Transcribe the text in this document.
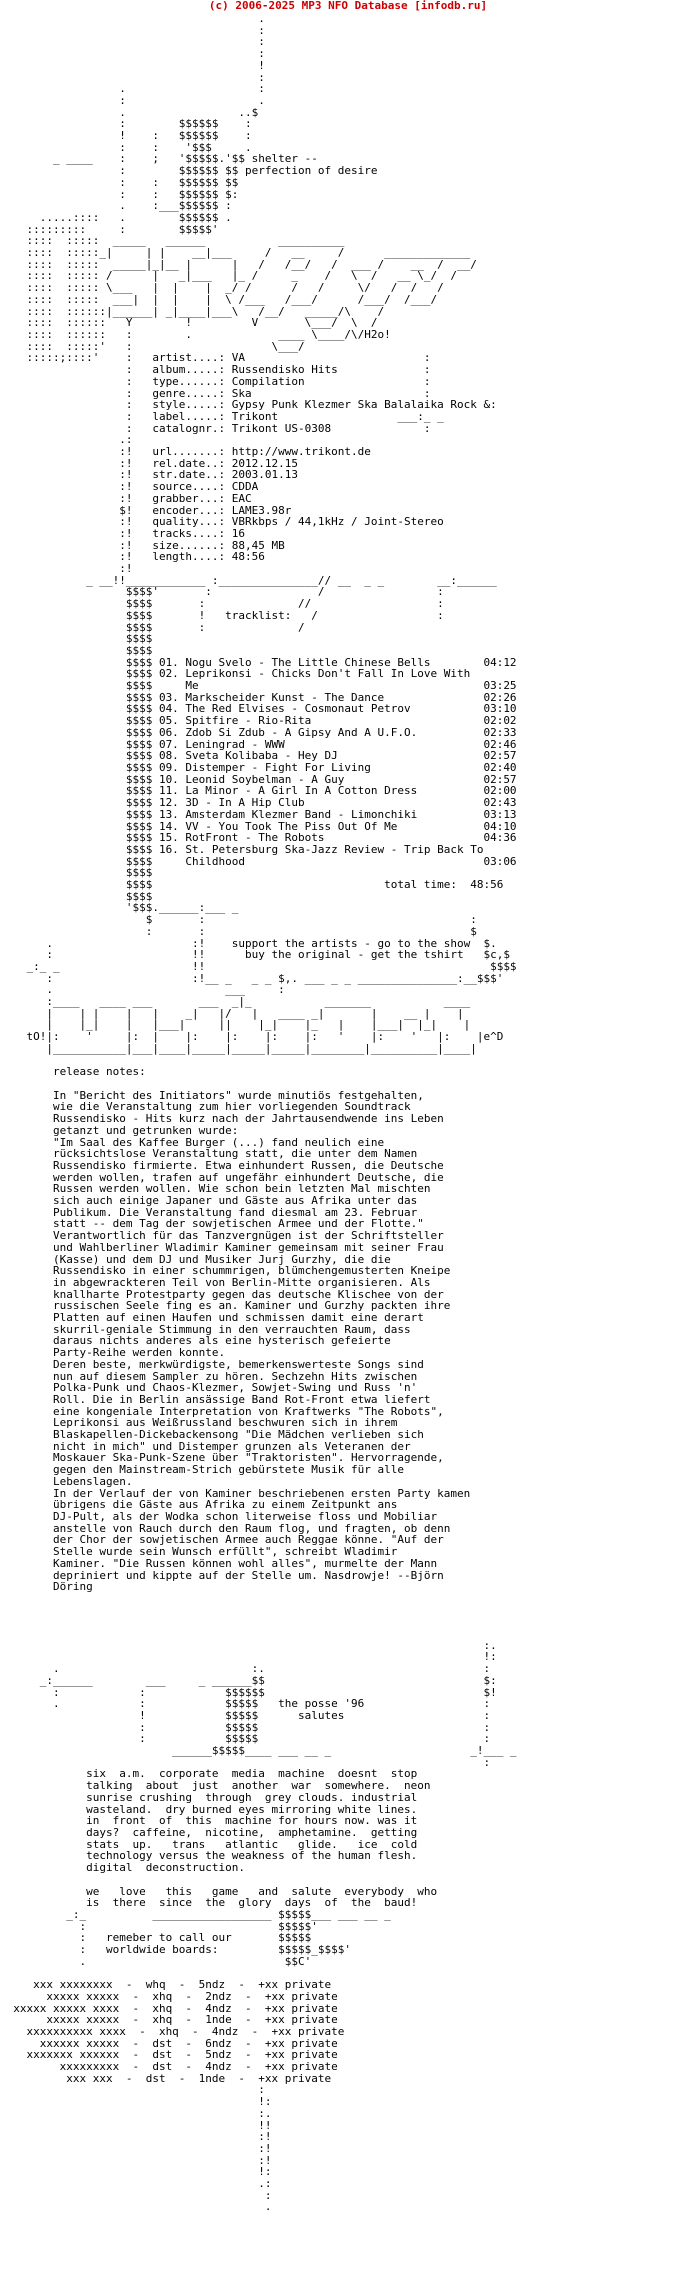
(c) 2006-2025 MP3 NFO Database [infodb.ru]
.
:
:
:
!
:
.                    :
:                    .
.                 ..$
:        $$$$$$    :
!    :   $$$$$$    :
:    :    '$$$     .
_ ____    :    ;   '$$$$$.'$$ shelter --
:        $$$$$$ $$ perfection of desire
:    :   $$$$$$ $$
:    :   $$$$$$ $:
.    :___$$$$$$ :
.....::::   .        $$$$$$ .
:::::::::     :        $$$$$'
::::  :::::  _____   ______           __________
::::  :::::_|     | |    __|___     /   __     /      _____________
::::  :::::  _____|_|__ |      |   /   /__/   /  ___ /    __  /  __/
::::  ::::: /      |   _|___   |_ /     _    /   \  /   __ \_/  /
::::  ::::: \___   |  |    |  _/ /      /   /     \/   /  /   /
::::  :::::  ___|  |  |    |  \ /___   /___/      /___/  /___/
::::  ::::::|______| _|____|___\   /__/   _____/\    /
::::  ::::::   Y        !         V       \___/  \  /
::::  ::::::   :        .             ____ \____/\/H2o!
::::  :::::'   :                     \___/
:::::;::::'    :   artist....: VA                           :
:   album.....: Russendisko Hits             :
:   type......: Compilation                  :
:   genre.....: Ska                          :
:   style.....: Gypsy Punk Klezmer Ska Balalaika Rock &:
:   label.....: Trikont                  ___:_ _
:   catalognr.: Trikont US-0308              :
.:
:!   url.......: http://www.trikont.de
:!   rel.date..: 2012.12.15
:!   str.date..: 2003.01.13
:!   source....: CDDA
:!   grabber...: EAC
$!   encoder...: LAME3.98r
:!   quality...: VBRkbps / 44,1kHz / Joint-Stereo
:!   tracks....: 16
:!   size......: 88,45 MB
:!   length....: 48:56
:!
_ __!!____________ :_______________// __  _ _        __:______
$$$$'       :                /                 :
$$$$       :              //                   :
$$$$       !   tracklist:   /                  :
$$$$       :              /
$$$$
$$$$
$$$$ 01. Nogu Svelo - The Little Chinese Bells        04:12
$$$$ 02. Leprikonsi - Chicks Don't Fall In Love With
$$$$     Me                                           03:25
$$$$ 03. Markscheider Kunst - The Dance               02:26
$$$$ 04. The Red Elvises - Cosmonaut Petrov           03:10
$$$$ 05. Spitfire - Rio-Rita                          02:02
$$$$ 06. Zdob Si Zdub - A Gipsy And A U.F.O.          02:33
$$$$ 07. Leningrad - WWW                              02:46
$$$$ 08. Sveta Kolibaba - Hey DJ                      02:57
$$$$ 09. Distemper - Fight For Living                 02:40
$$$$ 10. Leonid Soybelman - A Guy                     02:57
$$$$ 11. La Minor - A Girl In A Cotton Dress          02:00
$$$$ 12. 3D - In A Hip Club                           02:43
$$$$ 13. Amsterdam Klezmer Band - Limonchiki          03:13
$$$$ 14. VV - You Took The Piss Out Of Me             04:10
$$$$ 15. RotFront - The Robots                        04:36
$$$$ 16. St. Petersburg Ska-Jazz Review - Trip Back To
$$$$     Childhood                                    03:06
$$$$
$$$$                                   total time:  48:56
$$$$
'$$$.______:___ _
$       :                                        :
:       :                                        $
.                     :!    support the artists - go to the show  $.
:                     !!      buy the original - get the tshirt   $c,$
_:_ _                    !!                                           $$$$
:                     :!__ _   _ _ $,. ___ _ _ _______________:__$$$'
.                          ___     :
:____   ____ ___       ___  _|_           _______           ____
|    | |    |   |    _|   |/   |   ____ _|       |    __ |    |
|    |_|    |   |___|     ||    |_|    |_   |    |___|  |_|    |
tO!|:    '     |:  |    |:    |:    |:    |:   '    |:    '   |:    |e^D
|___________|___|____|_____|_____|_____|________|__________|____|

release notes:

In "Bericht des Initiators" wurde minutiös festgehalten,
wie die Veranstaltung zum hier vorliegenden Soundtrack
Russendisko - Hits kurz nach der Jahrtausendwende ins Leben
getanzt und getrunken wurde:
"Im Saal des Kaffee Burger (...) fand neulich eine
rücksichtslose Veranstaltung statt, die unter dem Namen
Russendisko firmierte. Etwa einhundert Russen, die Deutsche
werden wollen, trafen auf ungefähr einhundert Deutsche, die
Russen werden wollen. Wie schon bein letzten Mal mischten
sich auch einige Japaner und Gäste aus Afrika unter das
Publikum. Die Veranstaltung fand diesmal am 23. Februar
statt -- dem Tag der sowjetischen Armee und der Flotte."
Verantwortlich für das Tanzvergnügen ist der Schriftsteller
und Wahlberliner Wladimir Kaminer gemeinsam mit seiner Frau
(Kasse) und dem DJ und Musiker Jurj Gurzhy, die die
Russendisko in einer schummrigen, blümchengemusterten Kneipe
in abgewrackteren Teil von Berlin-Mitte organisieren. Als
knallharte Protestparty gegen das deutsche Klischee von der
russischen Seele fing es an. Kaminer und Gurzhy packten ihre
Platten auf einen Haufen und schmissen damit eine derart
skurril-geniale Stimmung in den verrauchten Raum, dass
daraus nichts anderes als eine hysterisch gefeierte
Party-Reihe werden konnte.
Deren beste, merkwürdigste, bemerkenswerteste Songs sind
nun auf diesem Sampler zu hören. Sechzehn Hits zwischen
Polka-Punk und Chaos-Klezmer, Sowjet-Swing und Russ 'n'
Roll. Die in Berlin ansässige Band Rot-Front etwa liefert
eine kongeniale Interpretation von Kraftwerks "The Robots",
Leprikonsi aus Weißrussland beschwuren sich in ihrem
Blaskapellen-Dickebackensong "Die Mädchen verlieben sich
nicht in mich" und Distemper grunzen als Veteranen der
Moskauer Ska-Punk-Szene über "Traktoristen". Hervorragende,
gegen den Mainstream-Strich gebürstete Musik für alle
Lebenslagen.
In der Verlauf der von Kaminer beschriebenen ersten Party kamen
übrigens die Gäste aus Afrika zu einem Zeitpunkt ans
DJ-Pult, als der Wodka schon literweise floss und Mobiliar
anstelle von Rauch durch den Raum flog, und fragten, ob denn
der Chor der sowjetischen Armee auch Reggae könne. "Auf der
Stelle wurde sein Wunsch erfüllt", schreibt Wladimir
Kaminer. "Die Russen können wohl alles", murmelte der Mann
depriniert und kippte auf der Stelle um. Nasdrowje! --Björn
Döring

:.
!:
.                             :.                                 :
_:______        ___     _ ______$$                                 $:
:            :            $$$$$$                                 $!
.            :            $$$$$   the posse '96                  :
!            $$$$$      salutes                     :
:            $$$$$                                  :
:            $$$$$                                  :
______$$$$$____ ___ __ _                     _!___ _
:
six  a.m.  corporate  media  machine  doesnt  stop
talking  about  just  another  war  somewhere.  neon
sunrise crushing  through  grey clouds. industrial
wasteland.  dry burned eyes mirroring white lines.
in  front  of  this  machine for hours now. was it
days?  caffeine,  nicotine,  amphetamine.  getting
stats  up.   trans   atlantic   glide.   ice  cold
technology versus the weakness of the human flesh.
digital  deconstruction.

we   love   this   game   and  salute  everybody  who
is  there  since  the  glory  days  of  the  baud!
_:_          __________________ $$$$$___ ___ __ _
:                             $$$$$'
:   remeber to call our       $$$$$
:   worldwide boards:         $$$$$_$$$$'
.                              $$C'

xxx xxxxxxxx  -  whq  -  5ndz  -  +xx private
xxxxx xxxxx  -  xhq  -  2ndz  -  +xx private
xxxxx xxxxx xxxx  -  xhq  -  4ndz  -  +xx private
xxxxx xxxxx  -  xhq  -  1nde  -  +xx private
xxxxxxxxxx xxxx  -  xhq  -  4ndz  -  +xx private
xxxxxx xxxxx  -  dst  -  6ndz  -  +xx private
xxxxxxx xxxxxx  -  dst  -  5ndz  -  +xx private
xxxxxxxxx  -  dst  -  4ndz  -  +xx private
xxx xxx  -  dst  -  1nde  -  +xx private
:
!:
:.
!!
:!
:!
:!
!:
.:
:
.
